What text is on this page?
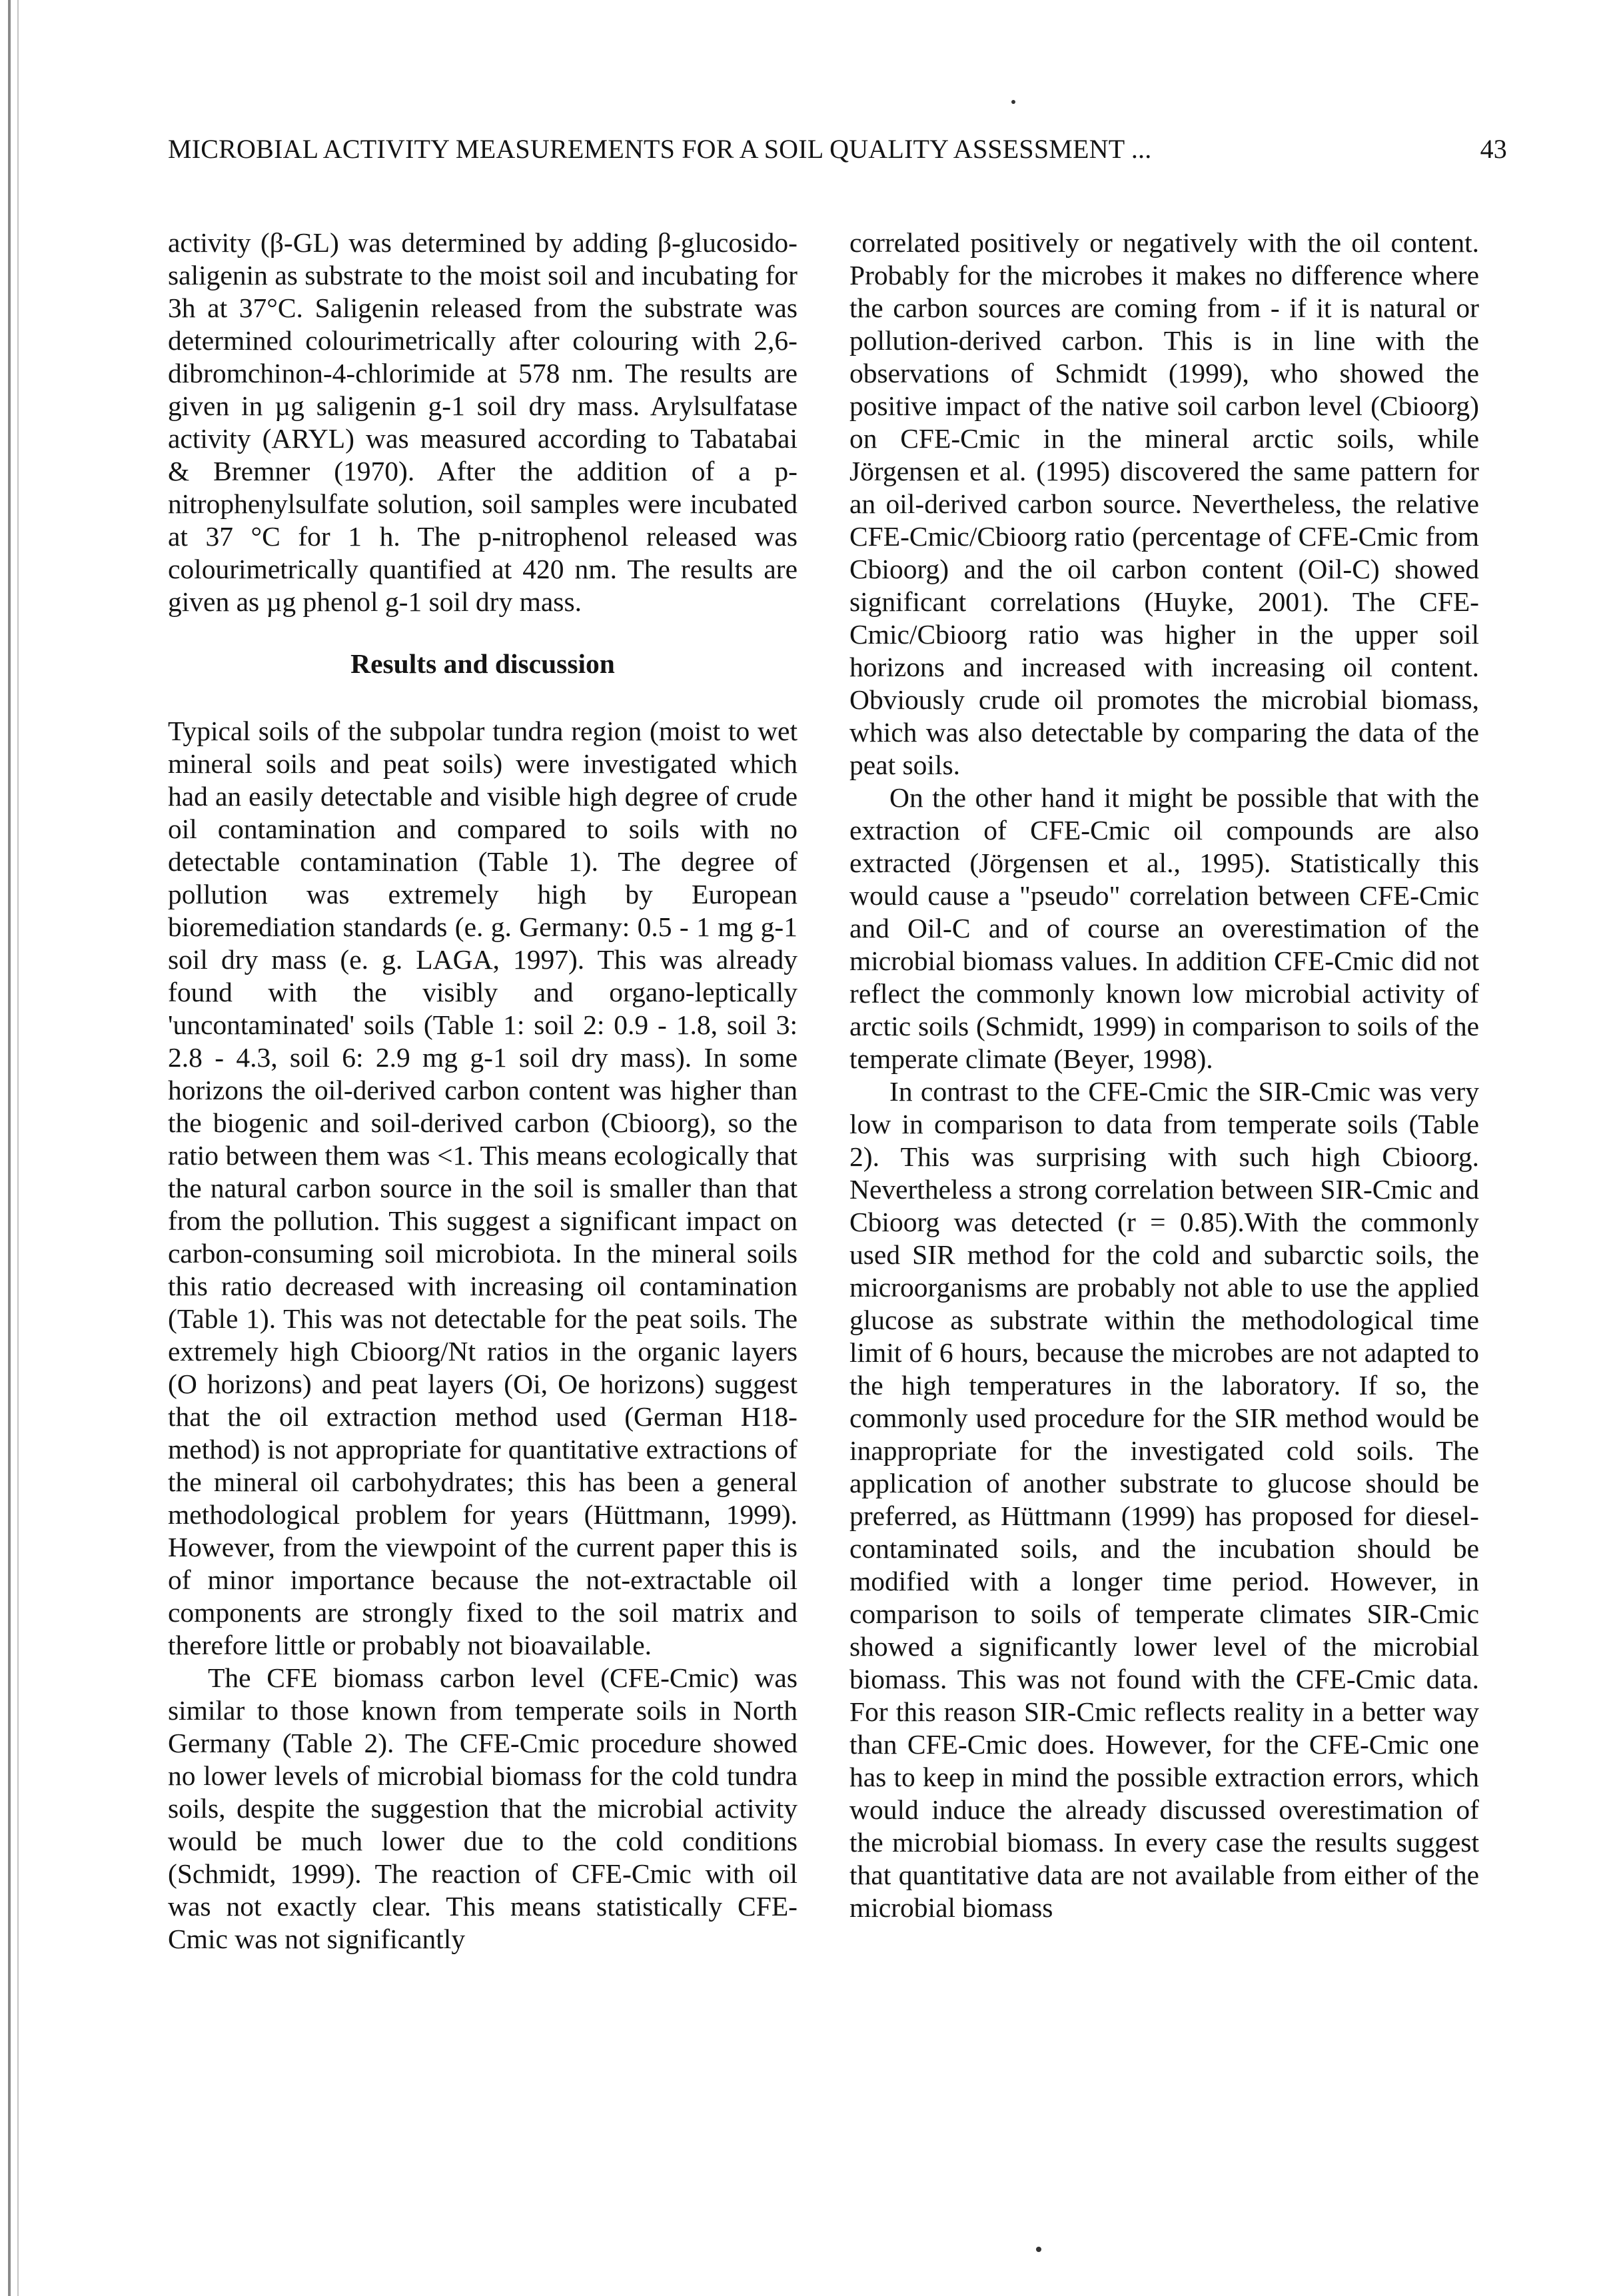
MICROBIAL ACTIVITY MEASUREMENTS FOR A SOIL QUALITY ASSESSMENT ...	43

activity (β-GL) was determined by adding β-glucosido-saligenin as substrate to the moist soil and incubating for 3h at 37°C. Saligenin released from the substrate was determined colourimetrically after colouring with 2,6-dibromchinon-4-chlorimide at 578 nm. The results are given in µg saligenin g-1 soil dry mass. Arylsulfatase activity (ARYL) was measured according to Tabatabai & Bremner (1970). After the addition of a p-nitrophenylsulfate solution, soil samples were incubated at 37 °C for 1 h. The p-nitrophenol released was colourimetrically quantified at 420 nm. The results are given as µg phenol g-1 soil dry mass.

Results and discussion

Typical soils of the subpolar tundra region (moist to wet mineral soils and peat soils) were investigated which had an easily detectable and visible high degree of crude oil contamination and compared to soils with no detectable contamination (Table 1). The degree of pollution was extremely high by European bioremediation standards (e. g. Germany: 0.5 - 1 mg g-1 soil dry mass (e. g. LAGA, 1997). This was already found with the visibly and organo-leptically 'uncontaminated' soils (Table 1: soil 2: 0.9 - 1.8, soil 3: 2.8 - 4.3, soil 6: 2.9 mg g-1 soil dry mass). In some horizons the oil-derived carbon content was higher than the biogenic and soil-derived carbon (Cbioorg), so the ratio between them was <1. This means ecologically that the natural carbon source in the soil is smaller than that from the pollution. This suggest a significant impact on carbon-consuming soil microbiota. In the mineral soils this ratio decreased with increasing oil contamination (Table 1). This was not detectable for the peat soils. The extremely high Cbioorg/Nt ratios in the organic layers (O horizons) and peat layers (Oi, Oe horizons) suggest that the oil extraction method used (German H18-method) is not appropriate for quantitative extractions of the mineral oil carbohydrates; this has been a general methodological problem for years (Hüttmann, 1999). However, from the viewpoint of the current paper this is of minor importance because the not-extractable oil components are strongly fixed to the soil matrix and therefore little or probably not bioavailable.

The CFE biomass carbon level (CFE-Cmic) was similar to those known from temperate soils in North Germany (Table 2). The CFE-Cmic procedure showed no lower levels of microbial biomass for the cold tundra soils, despite the suggestion that the microbial activity would be much lower due to the cold conditions (Schmidt, 1999). The reaction of CFE-Cmic with oil was not exactly clear. This means statistically CFE-Cmic was not significantly

correlated positively or negatively with the oil content. Probably for the microbes it makes no difference where the carbon sources are coming from - if it is natural or pollution-derived carbon. This is in line with the observations of Schmidt (1999), who showed the positive impact of the native soil carbon level (Cbioorg) on CFE-Cmic in the mineral arctic soils, while Jörgensen et al. (1995) discovered the same pattern for an oil-derived carbon source. Nevertheless, the relative CFE-Cmic/Cbioorg ratio (percentage of CFE-Cmic from Cbioorg) and the oil carbon content (Oil-C) showed significant correlations (Huyke, 2001). The CFE-Cmic/Cbioorg ratio was higher in the upper soil horizons and increased with increasing oil content. Obviously crude oil promotes the microbial biomass, which was also detectable by comparing the data of the peat soils.

On the other hand it might be possible that with the extraction of CFE-Cmic oil compounds are also extracted (Jörgensen et al., 1995). Statistically this would cause a "pseudo" correlation between CFE-Cmic and Oil-C and of course an overestimation of the microbial biomass values. In addition CFE-Cmic did not reflect the commonly known low microbial activity of arctic soils (Schmidt, 1999) in comparison to soils of the temperate climate (Beyer, 1998).

In contrast to the CFE-Cmic the SIR-Cmic was very low in comparison to data from temperate soils (Table 2). This was surprising with such high Cbioorg. Nevertheless a strong correlation between SIR-Cmic and Cbioorg was detected (r = 0.85).With the commonly used SIR method for the cold and subarctic soils, the microorganisms are probably not able to use the applied glucose as substrate within the methodological time limit of 6 hours, because the microbes are not adapted to the high temperatures in the laboratory. If so, the commonly used procedure for the SIR method would be inappropriate for the investigated cold soils. The application of another substrate to glucose should be preferred, as Hüttmann (1999) has proposed for diesel-contaminated soils, and the incubation should be modified with a longer time period. However, in comparison to soils of temperate climates SIR-Cmic showed a significantly lower level of the microbial biomass. This was not found with the CFE-Cmic data. For this reason SIR-Cmic reflects reality in a better way than CFE-Cmic does. However, for the CFE-Cmic one has to keep in mind the possible extraction errors, which would induce the already discussed overestimation of the microbial biomass. In every case the results suggest that quantitative data are not available from either of the microbial biomass
